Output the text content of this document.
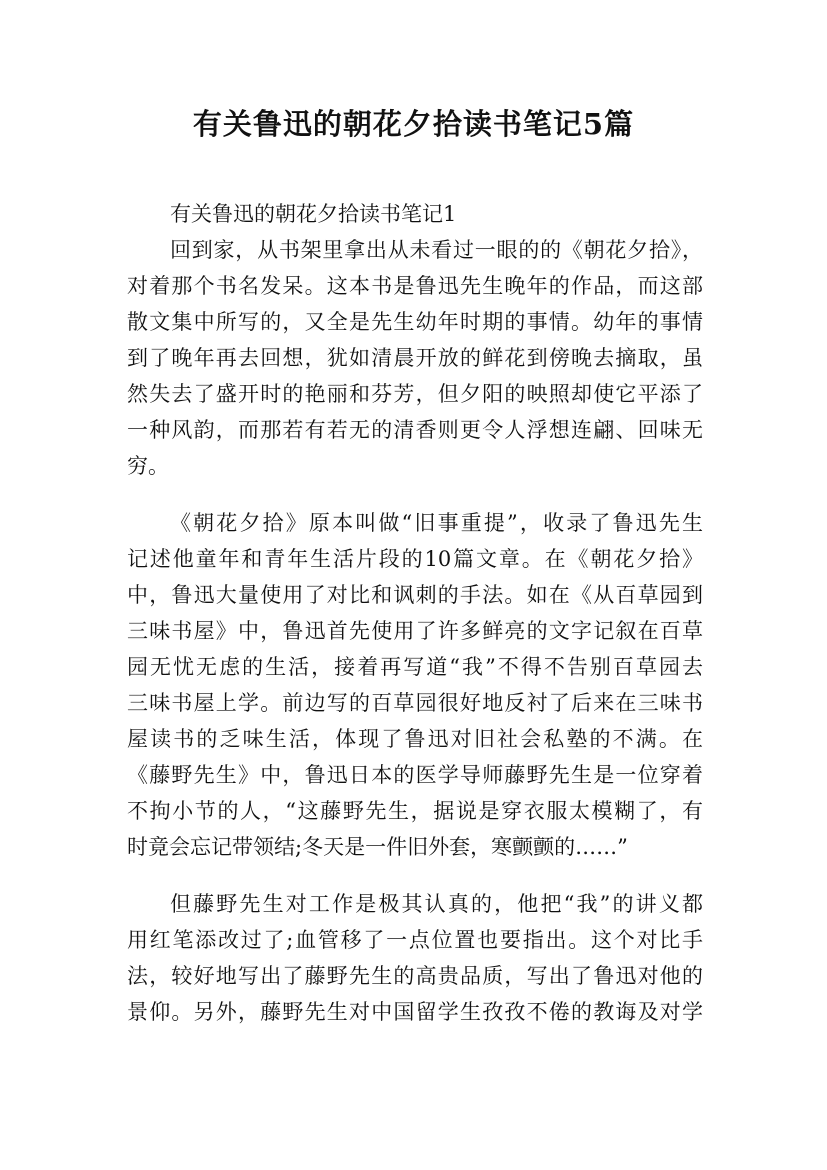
有关鲁迅的朝花夕拾读书笔记5篇

有关鲁迅的朝花夕拾读书笔记1

回到家，从书架里拿出从未看过一眼的的《朝花夕拾》，

对着那个书名发呆。这本书是鲁迅先生晚年的作品，而这部

散文集中所写的，又全是先生幼年时期的事情。幼年的事情

到了晚年再去回想，犹如清晨开放的鲜花到傍晚去摘取，虽

然失去了盛开时的艳丽和芬芳，但夕阳的映照却使它平添了

一种风韵，而那若有若无的清香则更令人浮想连翩、回味无

穷。

《朝花夕拾》原本叫做“旧事重提”，收录了鲁迅先生

记述他童年和青年生活片段的10篇文章。在《朝花夕拾》

中，鲁迅大量使用了对比和讽刺的手法。如在《从百草园到

三味书屋》中，鲁迅首先使用了许多鲜亮的文字记叙在百草

园无忧无虑的生活，接着再写道“我”不得不告别百草园去

三味书屋上学。前边写的百草园很好地反衬了后来在三味书

屋读书的乏味生活，体现了鲁迅对旧社会私塾的不满。在

《藤野先生》中，鲁迅日本的医学导师藤野先生是一位穿着

不拘小节的人，“这藤野先生，据说是穿衣服太模糊了，有

时竟会忘记带领结;冬天是一件旧外套，寒颤颤的……”

但藤野先生对工作是极其认真的，他把“我”的讲义都

用红笔添改过了;血管移了一点位置也要指出。这个对比手

法，较好地写出了藤野先生的高贵品质，写出了鲁迅对他的

景仰。另外，藤野先生对中国留学生孜孜不倦的教诲及对学
